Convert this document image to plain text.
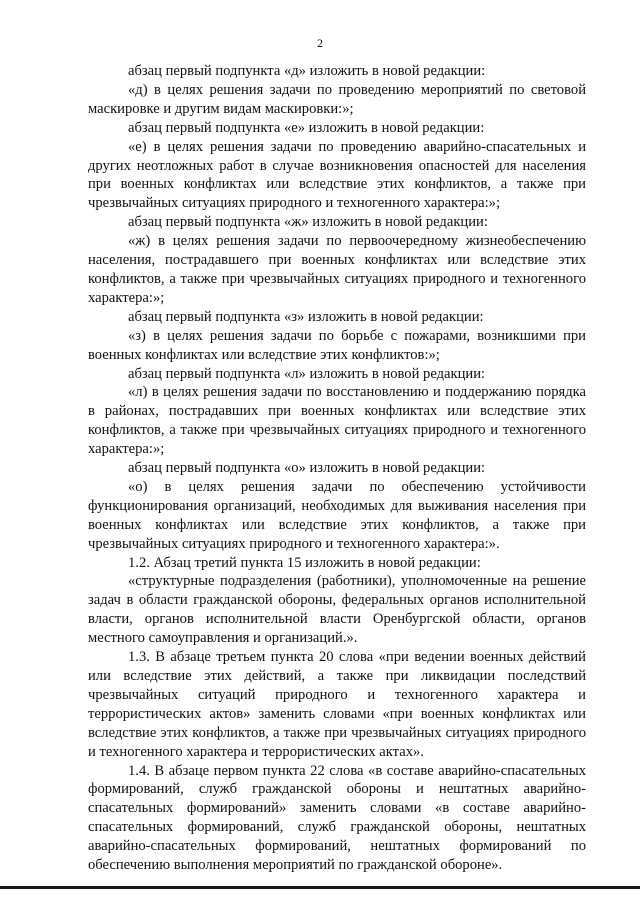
2

абзац первый подпункта «д» изложить в новой редакции:

«д) в целях решения задачи по проведению мероприятий по световой маскировке и другим видам маскировки:»;

абзац первый подпункта «е» изложить в новой редакции:

«е) в целях решения задачи по проведению аварийно-спасательных и других неотложных работ в случае возникновения опасностей для населения при военных конфликтах или вследствие этих конфликтов, а также при чрезвычайных ситуациях природного и техногенного характера:»;

абзац первый подпункта «ж» изложить в новой редакции:

«ж) в целях решения задачи по первоочередному жизнеобеспечению населения, пострадавшего при военных конфликтах или вследствие этих конфликтов, а также при чрезвычайных ситуациях природного и техногенного характера:»;

абзац первый подпункта «з» изложить в новой редакции:

«з) в целях решения задачи по борьбе с пожарами, возникшими при военных конфликтах или вследствие этих конфликтов:»;

абзац первый подпункта «л» изложить в новой редакции:

«л) в целях решения задачи по восстановлению и поддержанию порядка в районах, пострадавших при военных конфликтах или вследствие этих конфликтов, а также при чрезвычайных ситуациях природного и техногенного характера:»;

абзац первый подпункта «о» изложить в новой редакции:

«о) в целях решения задачи по обеспечению устойчивости функционирования организаций, необходимых для выживания населения при военных конфликтах или вследствие этих конфликтов, а также при чрезвычайных ситуациях природного и техногенного характера:».

1.2. Абзац третий пункта 15 изложить в новой редакции:

«структурные подразделения (работники), уполномоченные на решение задач в области гражданской обороны, федеральных органов исполнительной власти, органов исполнительной власти Оренбургской области, органов местного самоуправления и организаций.».

1.3. В абзаце третьем пункта 20 слова «при ведении военных действий или вследствие этих действий, а также при ликвидации последствий чрезвычайных ситуаций природного и техногенного характера и террористических актов» заменить словами «при военных конфликтах или вследствие этих конфликтов, а также при чрезвычайных ситуациях природного и техногенного характера и террористических актах».

1.4. В абзаце первом пункта 22 слова «в составе аварийно-спасательных формирований, служб гражданской обороны и нештатных аварийно-спасательных формирований» заменить словами «в составе аварийно-спасательных формирований, служб гражданской обороны, нештатных аварийно-спасательных формирований, нештатных формирований по обеспечению выполнения мероприятий по гражданской обороне».
